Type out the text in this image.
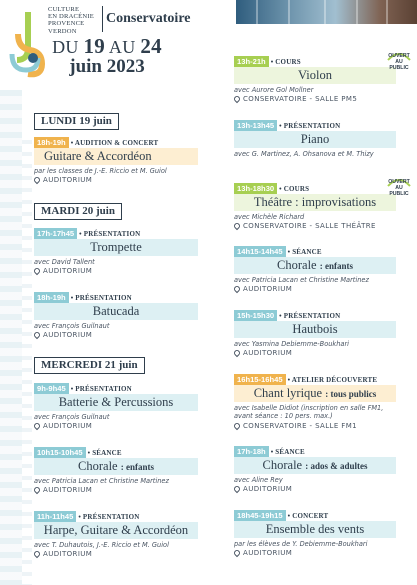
CULTURE
EN DRACÉNIE
PROVENCE
VERDON
Conservatoire
DU 19 AU 24
juin 2023
LUNDI 19 juin
18h-19h • AUDITION & CONCERT
Guitare & Accordéon
par les classes de J.-E. Riccio et M. Guiol
AUDITORIUM
MARDI 20 juin
17h-17h45 • PRÉSENTATION
Trompette
avec David Tallent
AUDITORIUM
18h-19h • PRÉSENTATION
Batucada
avec François Guilnaut
AUDITORIUM
MERCREDI 21 juin
9h-9h45 • PRÉSENTATION
Batterie & Percussions
avec François Guilnaut
AUDITORIUM
10h15-10h45 • SÉANCE
Chorale : enfants
avec Patricia Lacan et Christine Martinez
AUDITORIUM
11h-11h45 • PRÉSENTATION
Harpe, Guitare & Accordéon
avec T. Duhautois, J.-E. Riccio et M. Guiol
AUDITORIUM
13h-21h • COURS
Violon
avec Aurore Gol Mollner
CONSERVATOIRE - SALLE PM5
OUVERT
AU
PUBLIC
13h-13h45 • PRÉSENTATION
Piano
avec G. Martinez, A. Ohsanova et M. Thizy
13h-18h30 • COURS
Théâtre : improvisations
avec Michèle Richard
CONSERVATOIRE - SALLE THÉÂTRE
OUVERT
AU
PUBLIC
14h15-14h45 • SÉANCE
Chorale : enfants
avec Patricia Lacan et Christine Martinez
AUDITORIUM
15h-15h30 • PRÉSENTATION
Hautbois
avec Yasmina Debiemme-Boukhari
AUDITORIUM
16h15-16h45 • ATELIER DÉCOUVERTE
Chant lyrique : tous publics
avec Isabelle Didiot (inscription en salle FM1,
avant séance : 10 pers. max.)
CONSERVATOIRE - SALLE FM1
17h-18h • SÉANCE
Chorale : ados & adultes
avec Aline Rey
AUDITORIUM
18h45-19h15 • CONCERT
Ensemble des vents
par les élèves de Y. Debiemme-Boukhari
AUDITORIUM
